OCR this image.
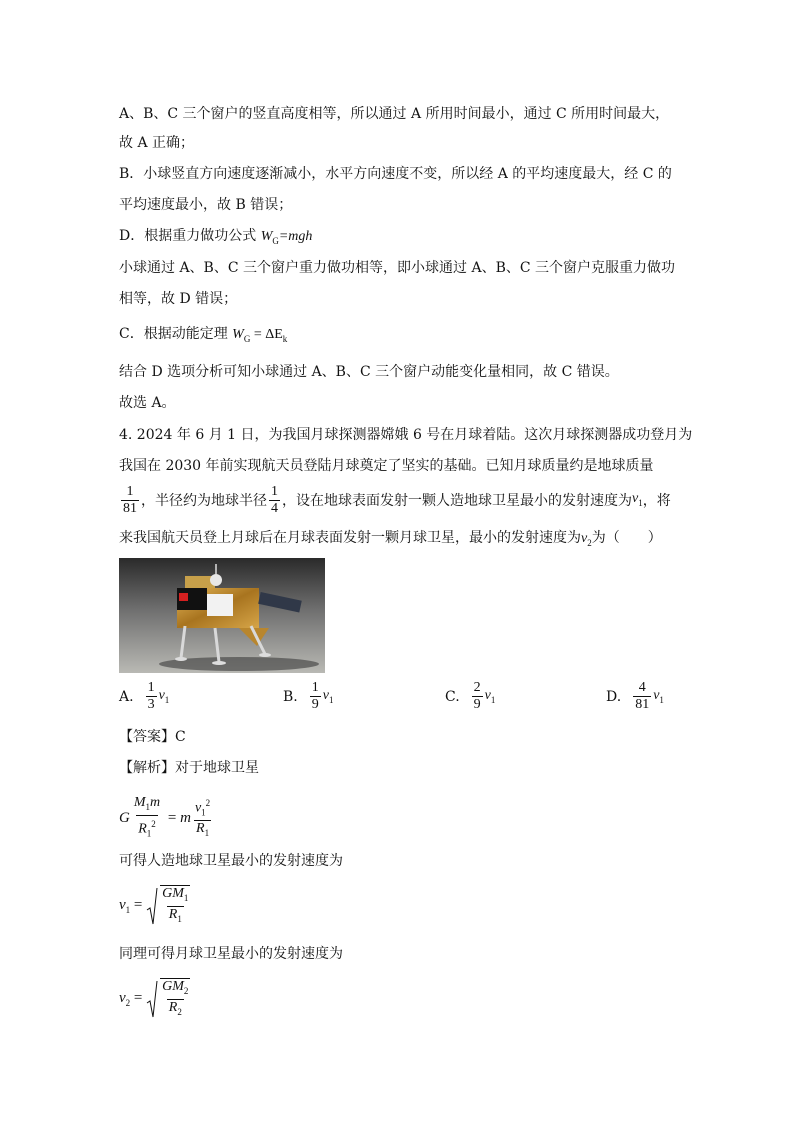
A、B、C 三个窗户的竖直高度相等，所以通过 A 所用时间最小，通过 C 所用时间最大，
故 A 正确；
B．小球竖直方向速度逐渐减小，水平方向速度不变，所以经 A 的平均速度最大，经 C 的
平均速度最小，故 B 错误；
D．根据重力做功公式 $W_G=mgh$
小球通过 A、B、C 三个窗户重力做功相等，即小球通过 A、B、C 三个窗户克服重力做功
相等，故 D 错误；
C．根据动能定理 $W_G = \Delta E_k$
结合 D 选项分析可知小球通过 A、B、C 三个窗户动能变化量相同，故 C 错误。
故选 A。
4. 2024 年 6 月 1 日，为我国月球探测器嫦娥 6 号在月球着陆。这次月球探测器成功登月为
我国在 2030 年前实现航天员登陆月球奠定了坚实的基础。已知月球质量约是地球质量
$\frac{1}{81}$ ，半径约为地球半径 $\frac{1}{4}$ ，设在地球表面发射一颗人造地球卫星最小的发射速度为 $v_1$ ，将
来我国航天员登上月球后在月球表面发射一颗月球卫星，最小的发射速度为$v_2$为（　　）
A. $\frac{1}{3} v_1$	B. $\frac{1}{9} v_1$	C. $\frac{2}{9} v_1$	D. $\frac{4}{81} v_1$
【答案】C
【解析】对于地球卫星
G $\frac{M_1m}{R_1^2} = m \frac{v_1^2}{R_1}$
可得人造地球卫星最小的发射速度为
$v_1 = \frac{GM_1}{R_1}$
同理可得月球卫星最小的发射速度为
$v_2 = \frac{GM_2}{R_2}$
